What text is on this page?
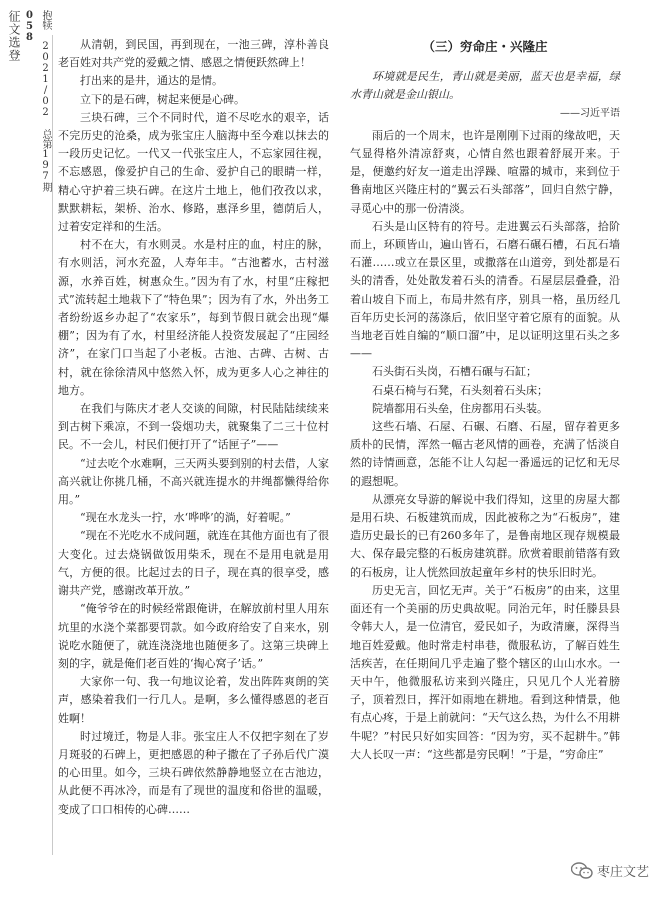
征文选登 058 抱犊 2021/02 总第197期	从清朝，到民国，再到现在，一池三碑，淳朴善良老百姓对共产党的爱戴之情、感恩之情便跃然碑上！

打出来的是井，通达的是情。

立下的是石碑，树起来便是心碑。

三块石碑，三个不同时代，道不尽吃水的艰辛，话不完历史的沧桑，成为张宝庄人脑海中至今难以抹去的一段历史记忆。一代又一代张宝庄人，不忘家园往视，不忘感恩，像爱护自己的生命、爱护自己的眼睛一样，精心守护着三块石碑。在这片土地上，他们孜孜以求，默默耕耘，架桥、治水、修路，惠泽乡里，德荫后人，过着安定祥和的生活。

村不在大，有水则灵。水是村庄的血，村庄的脉，有水则活，河水充盈，人寿年丰。“古池蓄水，古村滋源，水养百姓，树惠众生。”因为有了水，村里“庄稼把式”流转起土地栽下了“特色果”；因为有了水，外出务工者纷纷返乡办起了“农家乐”，每到节假日就会出现“爆棚”；因为有了水，村里经济能人投资发展起了“庄园经济”，在家门口当起了小老板。古池、古碑、古树、古村，就在徐徐清风中悠然入怀，成为更多人心之神往的地方。

在我们与陈庆才老人交谈的间隙，村民陆陆续续来到古树下乘凉，不到一袋烟功夫，就聚集了二三十位村民。不一会儿，村民们便打开了“话匣子”——

“过去吃个水难啊，三天两头要到别的村去借，人家高兴就让你挑几桶，不高兴就连提水的井绳都懒得给你用。”

“现在水龙头一拧，水‘哗哗’的淌，好着呢。”

“现在不光吃水不成问题，就连在其他方面也有了很大变化。过去烧锅做饭用柴禾，现在不是用电就是用气，方便的很。比起过去的日子，现在真的很享受，感谢共产党，感谢改革开放。”

“俺爷爷在的时候经常跟俺讲，在解放前村里人用东坑里的水浇个菜都要罚款。如今政府给安了自来水，别说吃水随便了，就连浇浇地也随便多了。这第三块碑上刻的字，就是俺们老百姓的‘掏心窝子’话。”

大家你一句、我一句地议论着，发出阵阵爽朗的笑声，感染着我们一行几人。是啊，多么懂得感恩的老百姓啊！

时过境迁，物是人非。张宝庄人不仅把字刻在了岁月斑驳的石碑上，更把感恩的种子撒在了子孙后代广漠的心田里。如今，三块石碑依然静静地竖立在古池边，从此便不再冰冷，而是有了现世的温度和俗世的温暖，变成了口口相传的心碑……

（三）穷命庄・兴隆庄

环境就是民生，青山就是美丽，蓝天也是幸福，绿水青山就是金山银山。

——习近平语

雨后的一个周末，也许是刚刚下过雨的缘故吧，天气显得格外清凉舒爽，心情自然也跟着舒展开来。于是，便邀约好友一道走出浮躁、喧嚣的城市，来到位于鲁南地区兴隆庄村的“翼云石头部落”，回归自然宁静，寻觅心中的那一份清淡。

石头是山区特有的符号。走进翼云石头部落，拾阶而上，环顾皆山，遍山皆石，石磨石碾石槽，石瓦石墙石灌……或立在景区里，或撒落在山道旁，到处都是石头的清香，处处散发着石头的清香。石屋层层叠叠，沿着山坡自下而上，布局井然有序，别具一格，虽历经几百年历史长河的荡涤后，依旧坚守着它原有的面貌。从当地老百姓自编的“顺口溜”中，足以证明这里石头之多——

石头街石头岗，石槽石碾与石缸；

石桌石椅与石凳，石头刻着石头床；

院墙都用石头垒，住房都用石头装。

这些石墙、石屋、石碾、石磨、石屋，留存着更多质朴的民情，浑然一幅古老风情的画卷，充满了恬淡自然的诗情画意，怎能不让人勾起一番遥远的记忆和无尽的遐想呢。

从漂亮女导游的解说中我们得知，这里的房屋大都是用石块、石板建筑而成，因此被称之为“石板房”，建造历史最长的已有260多年了，是鲁南地区现存规模最大、保存最完整的石板房建筑群。欣赏着眼前错落有致的石板房，让人恍然回放起童年乡村的快乐旧时光。

历史无言，回忆无声。关于“石板房”的由来，这里面还有一个美丽的历史典故呢。同治元年，时任滕县县令韩大人，是一位清官，爱民如子，为政清廉，深得当地百姓爱戴。他时常走村串巷，微服私访，了解百姓生活疾苦，在任期间几乎走遍了整个辖区的山山水水。一天中午，他微服私访来到兴隆庄，只见几个人光着膀子，顶着烈日，挥汗如雨地在耕地。看到这种情景，他有点心疼，于是上前就问：“天气这么热，为什么不用耕牛呢？”村民只好如实回答：“因为穷，买不起耕牛。”韩大人长叹一声：“这些都是穷民啊！”于是，“穷命庄”

枣庄文艺
